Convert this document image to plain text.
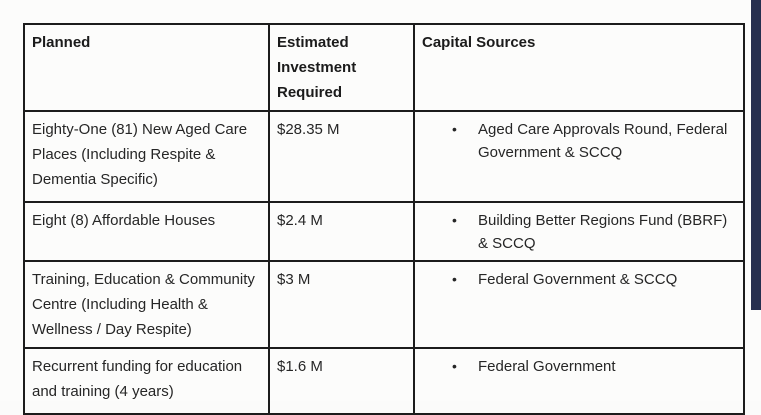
Planned	Estimated Investment Required	Capital Sources
Eighty-One (81) New Aged Care Places (Including Respite & Dementia Specific)	$28.35 M	• Aged Care Approvals Round, Federal Government & SCCQ

Eight (8) Affordable Houses	$2.4 M	• Building Better Regions Fund (BBRF) & SCCQ

Training, Education & Community Centre (Including Health & Wellness / Day Respite)	$3 M	• Federal Government & SCCQ

Recurrent funding for education and training (4 years)	$1.6 M	• Federal Government
